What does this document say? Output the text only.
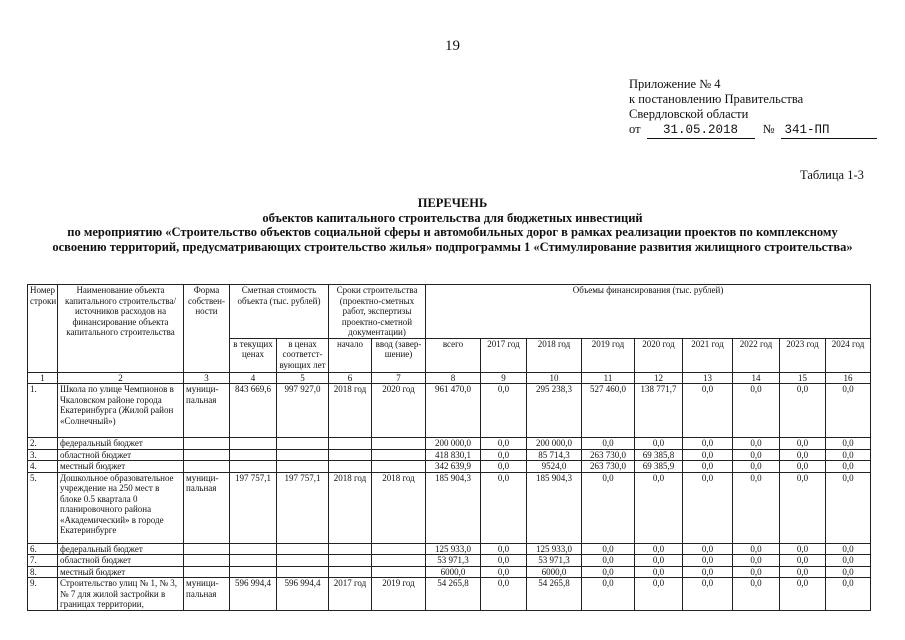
19
Приложение № 4
к постановлению Правительства
Свердловской области
от	31.05.2018	№ 341-ПП
Таблица 1-3
ПЕРЕЧЕНЬ
объектов капитального строительства для бюджетных инвестиций
по мероприятию «Строительство объектов социальной сферы и автомобильных дорог в рамках реализации проектов по комплексному
освоению территорий, предусматривающих строительство жилья» подпрограммы 1 «Стимулирование развития жилищного строительства»
Номер строки	Наименование объекта капитального строительства/ источников расходов на финансирование объекта капитального строительства	Форма собствен-ности	Сметная стоимость объекта (тыс. рублей)		Сроки строительства (проектно-сметных работ, экспертизы проектно-сметной документации)		Объемы финансирования (тыс. рублей)								
			в текущих ценах	в ценах соответст-вующих лет	начало	ввод (завер-шение)	всего	2017 год	2018 год	2019 год	2020 год	2021 год	2022 год	2023 год	2024 год
1	2	3	4	5	6	7	8	9	10	11	12	13	14	15	16
1.	Школа по улице Чемпионов в Чкаловском районе города Екатеринбурга (Жилой район «Солнечный»)	муници-пальная	843 669,6	997 927,0	2018 год	2020 год	961 470,0	0,0	295 238,3	527 460,0	138 771,7	0,0	0,0	0,0	0,0
2.	федеральный бюджет						200 000,0	0,0	200 000,0	0,0	0,0	0,0	0,0	0,0	0,0
3.	областной бюджет						418 830,1	0,0	85 714,3	263 730,0	69 385,8	0,0	0,0	0,0	0,0
4.	местный бюджет						342 639,9	0,0	9524,0	263 730,0	69 385,9	0,0	0,0	0,0	0,0
5.	Дошкольное образовательное учреждение на 250 мест в блоке 0.5 квартала 0 планировочного района «Академический» в городе Екатеринбурге	муници-пальная	197 757,1	197 757,1	2018 год	2018 год	185 904,3	0,0	185 904,3	0,0	0,0	0,0	0,0	0,0	0,0
6.	федеральный бюджет						125 933,0	0,0	125 933,0	0,0	0,0	0,0	0,0	0,0	0,0
7.	областной бюджет						53 971,3	0,0	53 971,3	0,0	0,0	0,0	0,0	0,0	0,0
8.	местный бюджет						6000,0	0,0	6000,0	0,0	0,0	0,0	0,0	0,0	0,0
9.	Строительство улиц № 1, № 3, № 7 для жилой застройки в границах территории,	муници-пальная	596 994,4	596 994,4	2017 год	2019 год	54 265,8	0,0	54 265,8	0,0	0,0	0,0	0,0	0,0	0,0
